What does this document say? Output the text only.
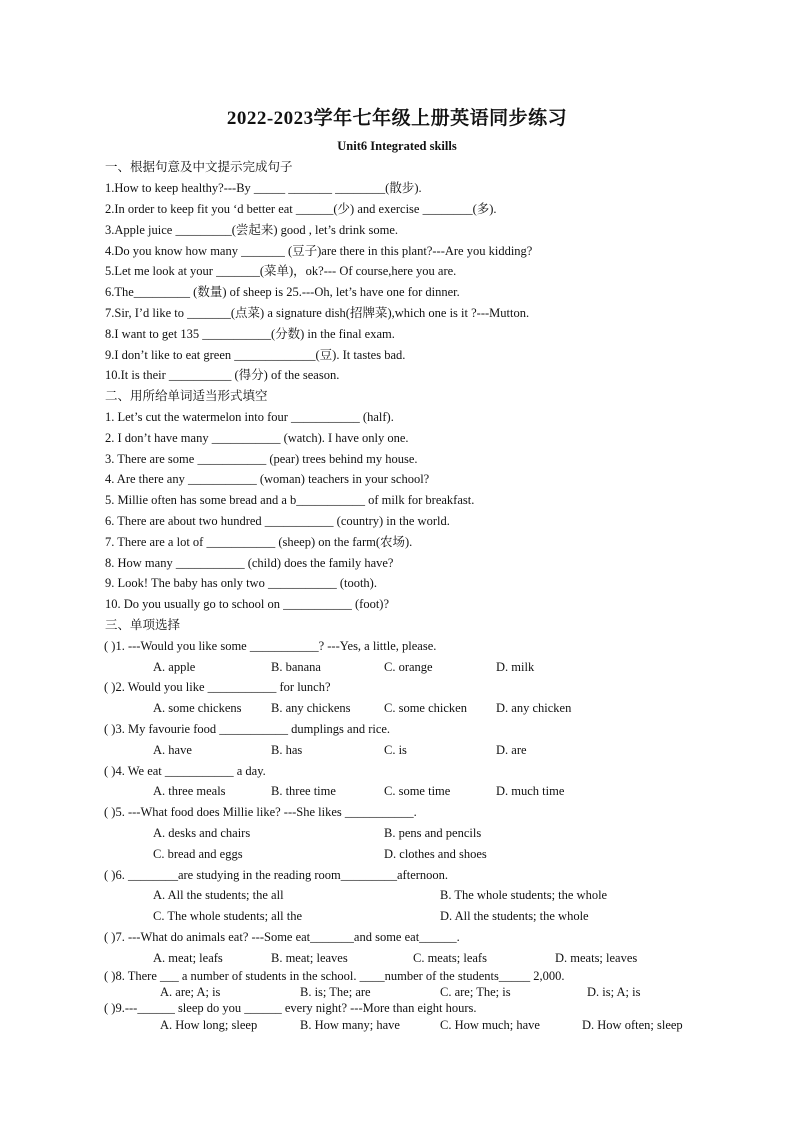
2022-2023学年七年级上册英语同步练习
Unit6 Integrated skills
一、根据句意及中文提示完成句子
1.How to keep healthy?---By _____ _______ ________(散步).
2.In order to keep fit you ‘d better eat ______(少) and exercise ________(多).
3.Apple juice _________(尝起来) good , let’s drink some.
4.Do you know how many _______ (豆子)are there in this plant?---Are you kidding?
5.Let me look at your _______(菜单)，ok?--- Of course,here you are.
6.The_________ (数量) of sheep is 25.---Oh, let’s have one for dinner.
7.Sir, I’d like to _______(点菜) a signature dish(招牌菜),which one is it ?---Mutton.
8.I want to get 135 ___________(分数) in the final exam.
9.I don’t like to eat green _____________(豆). It tastes bad.
10.It is their __________ (得分) of the season.
二、用所给单词适当形式填空
1. Let’s cut the watermelon into four ___________ (half).
2. I don’t have many ___________ (watch). I have only one.
3. There are some ___________ (pear) trees behind my house.
4. Are there any ___________ (woman) teachers in your school?
5. Millie often has some bread and a b___________ of milk for breakfast.
6. There are about two hundred ___________ (country) in the world.
7. There are a lot of ___________ (sheep) on the farm(农场).
8. How many ___________ (child) does the family have?
9. Look! The baby has only two ___________ (tooth).
10. Do you usually go to school on ___________ (foot)?
三、单项选择
( )1. ---Would you like some ___________? ---Yes, a little, please.
A. apple	B. banana	C. orange	D. milk
( )2. Would you like ___________ for lunch?
A. some chickens B. any chickens	C. some chicken D. any chicken
( )3. My favourie food ___________ dumplings and rice.
A. have	B. has	C. is	D. are
( )4. We eat ___________ a day.
A. three meals	B. three time	C. some time	D. much time
( )5. ---What food does Millie like? ---She likes ___________.
A. desks and chairs	B. pens and pencils
C. bread and eggs	D. clothes and shoes
( )6. ________are studying in the reading room_________afternoon.
A. All the students; the all	B. The whole students; the whole
C. The whole students; all the	D. All the students; the whole
( )7. ---What do animals eat? ---Some eat_______and some eat______.
A. meat; leafs	B. meat; leaves	C. meats; leafs	D. meats; leaves
( )8. There ___ a number of students in the school. ____number of the students_____ 2,000.
A. are; A; is	B. is; The; are	C. are; The; is	D. is; A; is
( )9.---______ sleep do you ______ every night? ---More than eight hours.
A. How long; sleep	B. How many; have	C. How much; have	D. How often; sleep
